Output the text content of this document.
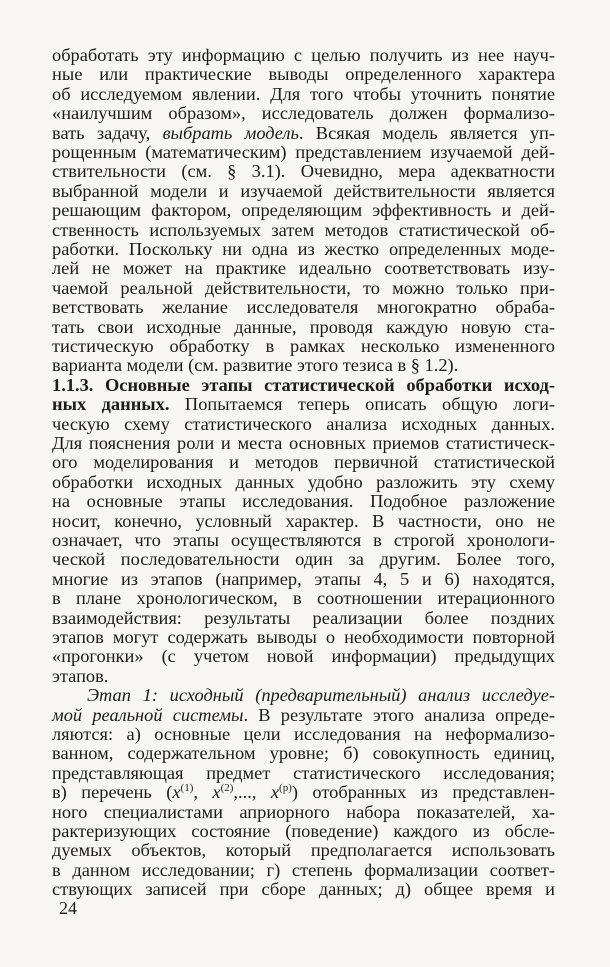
24
обработать эту информацию с целью получить из нее науч-
ные или практические выводы определенного характера
об исследуемом явлении. Для того чтобы уточнить понятие
«наилучшим образом», исследователь должен формализо-
вать задачу, выбрать модель. Всякая модель является уп-
рощенным (математическим) представлением изучаемой дей-
ствительности (см. § 3.1). Очевидно, мера адекватности
выбранной модели и изучаемой действительности является
решающим фактором, определяющим эффективность и дей-
ственность используемых затем методов статистической об-
работки. Поскольку ни одна из жестко определенных моде-
лей не может на практике идеально соответствовать изу-
чаемой реальной действительности, то можно только при-
ветствовать желание исследователя многократно обраба-
тать свои исходные данные, проводя каждую новую ста-
тистическую обработку в рамках несколько измененного
варианта модели (см. развитие этого тезиса в § 1.2).
1.1.3. Основные этапы статистической обработки исход-
ных данных. Попытаемся теперь описать общую логи-
ческую схему статистического анализа исходных данных.
Для пояснения роли и места основных приемов статистическ-
ого моделирования и методов первичной статистической
обработки исходных данных удобно разложить эту схему
на основные этапы исследования. Подобное разложение
носит, конечно, условный характер. В частности, оно не
означает, что этапы осуществляются в строгой хронологи-
ческой последовательности один за другим. Более того,
многие из этапов (например, этапы 4, 5 и 6) находятся,
в плане хронологическом, в соотношении итерационного
взаимодействия: результаты реализации более поздних
этапов могут содержать выводы о необходимости повторной
«прогонки» (с учетом новой информации) предыдущих
этапов.
Этап 1: исходный (предварительный) анализ исследуе-
мой реальной системы. В результате этого анализа опреде-
ляются: а) основные цели исследования на неформализо-
ванном, содержательном уровне; б) совокупность единиц,
представляющая предмет статистического исследования;
в) перечень ($x^{(1)}$, $x^{(2)}$,..., $x^{(p)}$) отобранных из представлен-
ного специалистами априорного набора показателей, ха-
рактеризующих состояние (поведение) каждого из обсле-
дуемых объектов, который предполагается использовать
в данном исследовании; г) степень формализации соответ-
ствующих записей при сборе данных; д) общее время и
